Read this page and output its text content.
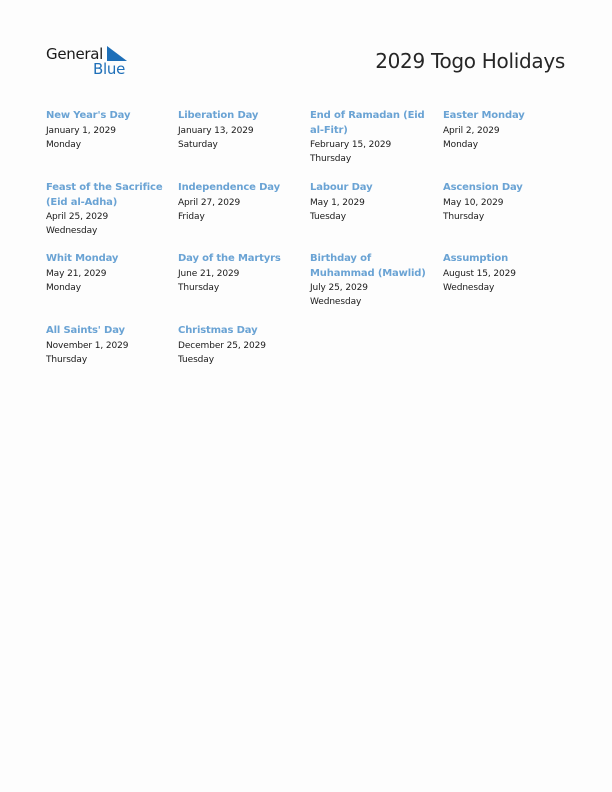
General
Blue	2029 Togo Holidays
New Year's Day
January 1, 2029
Monday
Liberation Day
January 13, 2029
Saturday
End of Ramadan (Eid al-Fitr)
February 15, 2029
Thursday
Easter Monday
April 2, 2029
Monday
Feast of the Sacrifice (Eid al-Adha)
April 25, 2029
Wednesday
Independence Day
April 27, 2029
Friday
Labour Day
May 1, 2029
Tuesday
Ascension Day
May 10, 2029
Thursday
Whit Monday
May 21, 2029
Monday
Day of the Martyrs
June 21, 2029
Thursday
Birthday of Muhammad (Mawlid)
July 25, 2029
Wednesday
Assumption
August 15, 2029
Wednesday
All Saints' Day
November 1, 2029
Thursday
Christmas Day
December 25, 2029
Tuesday
